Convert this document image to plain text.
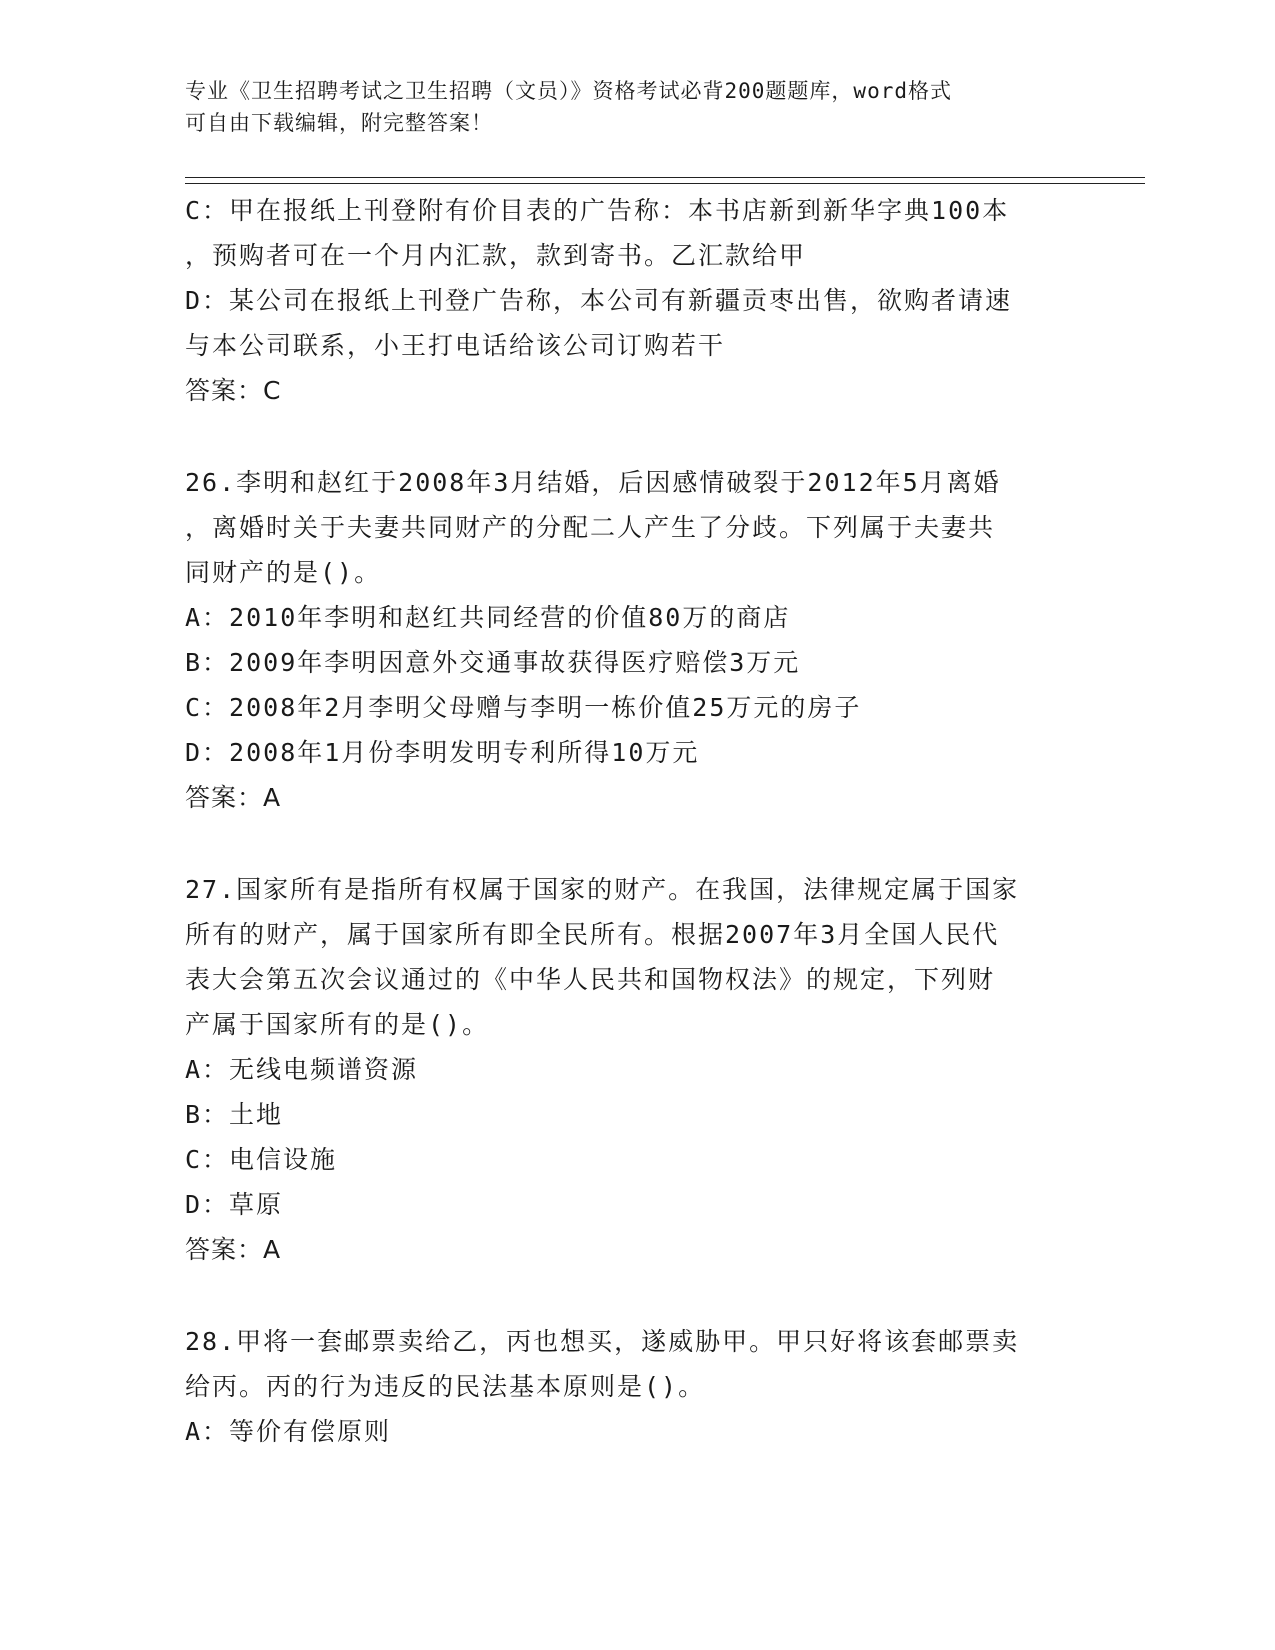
专业《卫生招聘考试之卫生招聘（文员）》资格考试必背200题题库，word格式
可自由下载编辑，附完整答案！
C：甲在报纸上刊登附有价目表的广告称：本书店新到新华字典100本
，预购者可在一个月内汇款，款到寄书。乙汇款给甲
D：某公司在报纸上刊登广告称，本公司有新疆贡枣出售，欲购者请速
与本公司联系，小王打电话给该公司订购若干
答案：C
26.李明和赵红于2008年3月结婚，后因感情破裂于2012年5月离婚
，离婚时关于夫妻共同财产的分配二人产生了分歧。下列属于夫妻共
同财产的是()。
A：2010年李明和赵红共同经营的价值80万的商店
B：2009年李明因意外交通事故获得医疗赔偿3万元
C：2008年2月李明父母赠与李明一栋价值25万元的房子
D：2008年1月份李明发明专利所得10万元
答案：A
27.国家所有是指所有权属于国家的财产。在我国，法律规定属于国家
所有的财产，属于国家所有即全民所有。根据2007年3月全国人民代
表大会第五次会议通过的《中华人民共和国物权法》的规定，下列财
产属于国家所有的是()。
A：无线电频谱资源
B：土地
C：电信设施
D：草原
答案：A
28.甲将一套邮票卖给乙，丙也想买，遂威胁甲。甲只好将该套邮票卖
给丙。丙的行为违反的民法基本原则是()。
A：等价有偿原则
